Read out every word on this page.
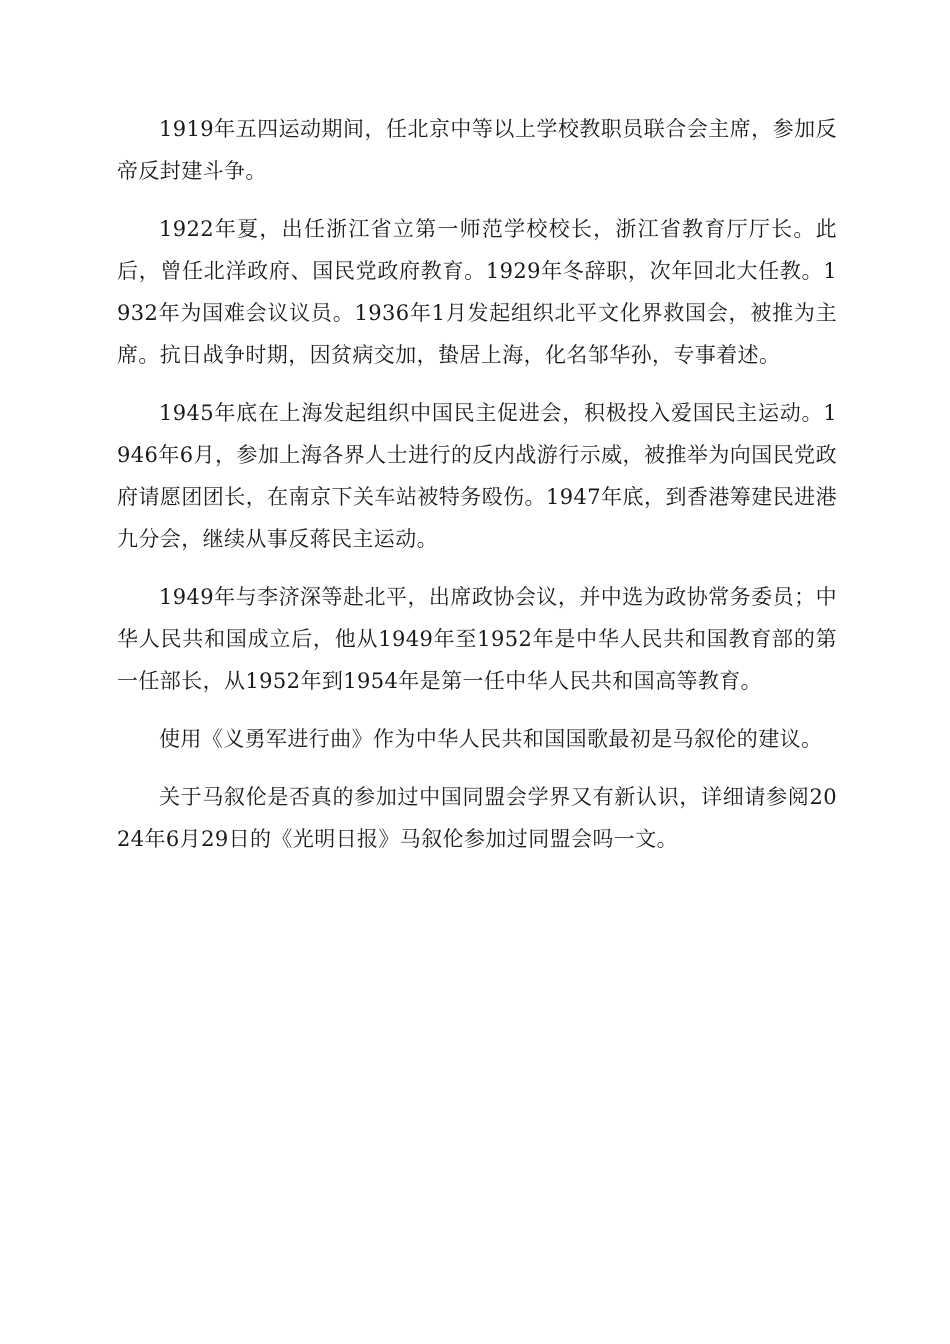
1919年五四运动期间，任北京中等以上学校教职员联合会主席，参加反帝反封建斗争。

1922年夏，出任浙江省立第一师范学校校长，浙江省教育厅厅长。此后，曾任北洋政府、国民党政府教育。1929年冬辞职，次年回北大任教。1932年为国难会议议员。1936年1月发起组织北平文化界救国会，被推为主席。抗日战争时期，因贫病交加，蛰居上海，化名邹华孙，专事着述。

1945年底在上海发起组织中国民主促进会，积极投入爱国民主运动。1946年6月，参加上海各界人士进行的反内战游行示威，被推举为向国民党政府请愿团团长，在南京下关车站被特务殴伤。1947年底，到香港筹建民进港九分会，继续从事反蒋民主运动。

1949年与李济深等赴北平，出席政协会议，并中选为政协常务委员；中华人民共和国成立后，他从1949年至1952年是中华人民共和国教育部的第一任部长，从1952年到1954年是第一任中华人民共和国高等教育。

使用《义勇军进行曲》作为中华人民共和国国歌最初是马叙伦的建议。

关于马叙伦是否真的参加过中国同盟会学界又有新认识，详细请参阅2024年6月29日的《光明日报》马叙伦参加过同盟会吗一文。
